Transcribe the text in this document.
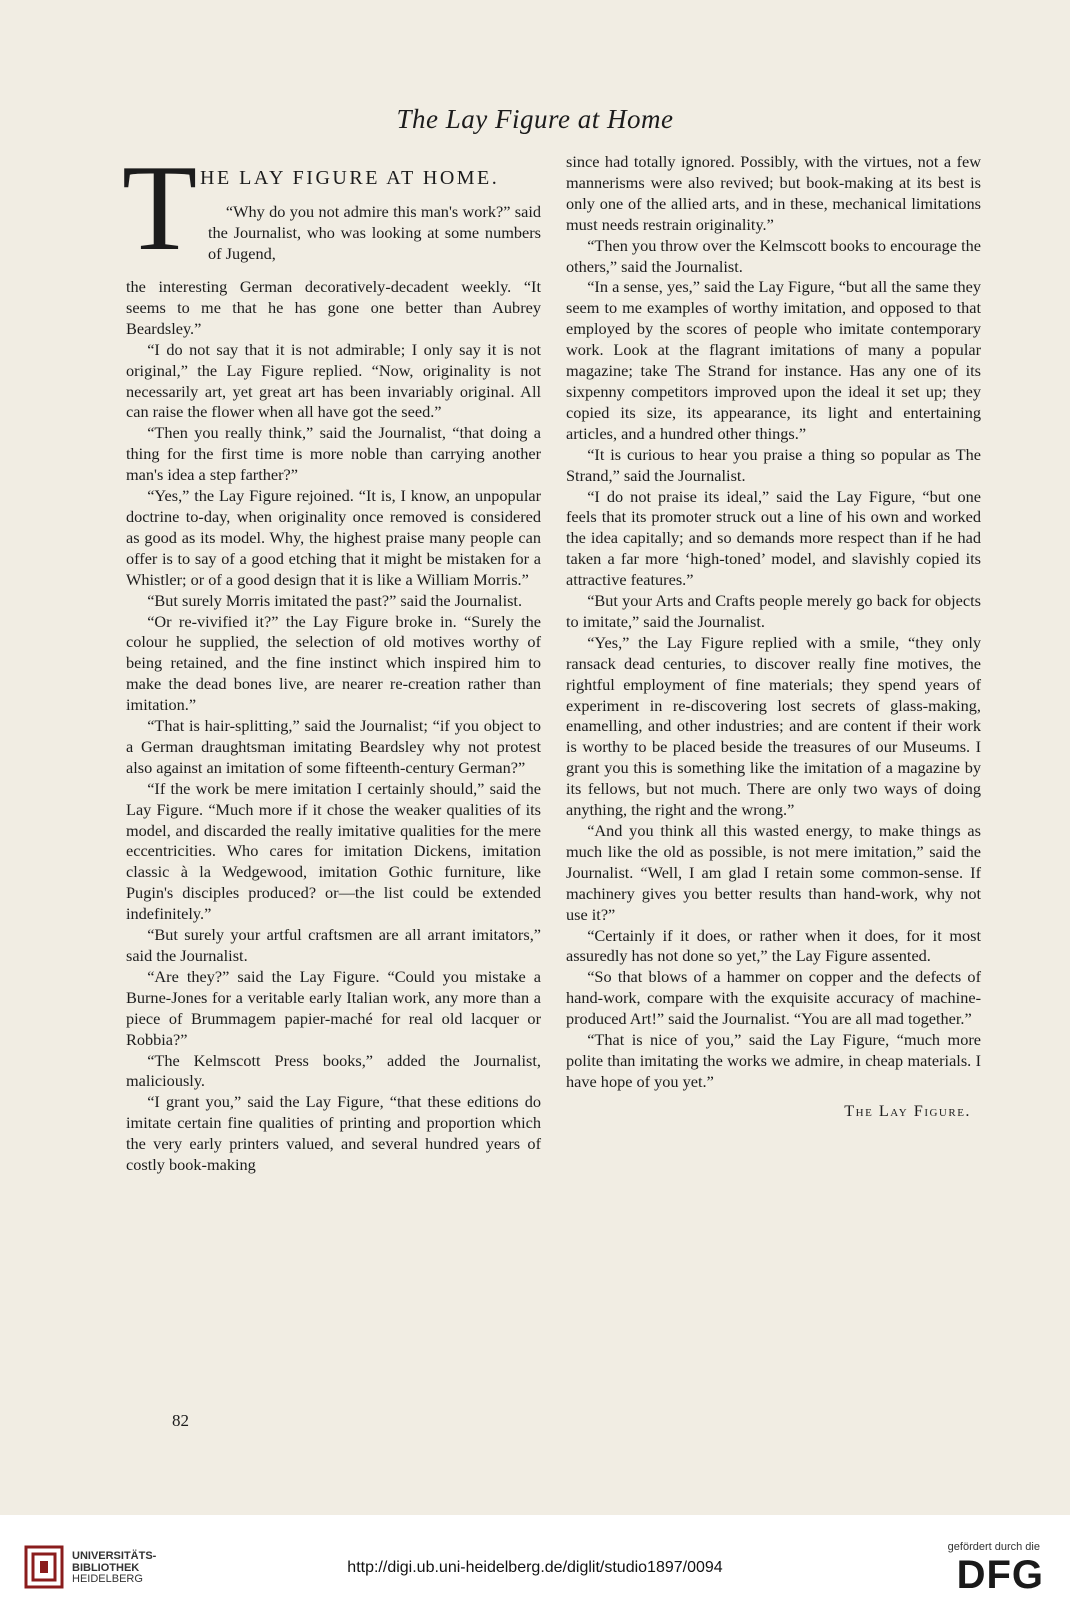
The Lay Figure at Home
T HE LAY FIGURE AT HOME.
“Why do you not admire this man's work?” said the Journalist, who was looking at some numbers of Jugend,

the interesting German decoratively-decadent weekly. “It seems to me that he has gone one better than Aubrey Beardsley.”

“I do not say that it is not admirable; I only say it is not original,” the Lay Figure replied. “Now, originality is not necessarily art, yet great art has been invariably original. All can raise the flower when all have got the seed.”

“Then you really think,” said the Journalist, “that doing a thing for the first time is more noble than carrying another man's idea a step farther?”

“Yes,” the Lay Figure rejoined. “It is, I know, an unpopular doctrine to-day, when originality once removed is considered as good as its model. Why, the highest praise many people can offer is to say of a good etching that it might be mistaken for a Whistler; or of a good design that it is like a William Morris.”

“But surely Morris imitated the past?” said the Journalist.

“Or re-vivified it?” the Lay Figure broke in. “Surely the colour he supplied, the selection of old motives worthy of being retained, and the fine instinct which inspired him to make the dead bones live, are nearer re-creation rather than imitation.”

“That is hair-splitting,” said the Journalist; “if you object to a German draughtsman imitating Beardsley why not protest also against an imitation of some fifteenth-century German?”

“If the work be mere imitation I certainly should,” said the Lay Figure. “Much more if it chose the weaker qualities of its model, and discarded the really imitative qualities for the mere eccentricities. Who cares for imitation Dickens, imitation classic à la Wedgewood, imitation Gothic furniture, like Pugin's disciples produced? or—the list could be extended indefinitely.”

“But surely your artful craftsmen are all arrant imitators,” said the Journalist.

“Are they?” said the Lay Figure. “Could you mistake a Burne-Jones for a veritable early Italian work, any more than a piece of Brummagem papier-maché for real old lacquer or Robbia?”

“The Kelmscott Press books,” added the Journalist, maliciously.

“I grant you,” said the Lay Figure, “that these editions do imitate certain fine qualities of printing and proportion which the very early printers valued, and several hundred years of costly book-making

since had totally ignored. Possibly, with the virtues, not a few mannerisms were also revived; but book-making at its best is only one of the allied arts, and in these, mechanical limitations must needs restrain originality.”

“Then you throw over the Kelmscott books to encourage the others,” said the Journalist.

“In a sense, yes,” said the Lay Figure, “but all the same they seem to me examples of worthy imitation, and opposed to that employed by the scores of people who imitate contemporary work. Look at the flagrant imitations of many a popular magazine; take The Strand for instance. Has any one of its sixpenny competitors improved upon the ideal it set up; they copied its size, its appearance, its light and entertaining articles, and a hundred other things.”

“It is curious to hear you praise a thing so popular as The Strand,” said the Journalist.

“I do not praise its ideal,” said the Lay Figure, “but one feels that its promoter struck out a line of his own and worked the idea capitally; and so demands more respect than if he had taken a far more ‘high-toned’ model, and slavishly copied its attractive features.”

“But your Arts and Crafts people merely go back for objects to imitate,” said the Journalist.

“Yes,” the Lay Figure replied with a smile, “they only ransack dead centuries, to discover really fine motives, the rightful employment of fine materials; they spend years of experiment in re-discovering lost secrets of glass-making, enamelling, and other industries; and are content if their work is worthy to be placed beside the treasures of our Museums. I grant you this is something like the imitation of a magazine by its fellows, but not much. There are only two ways of doing anything, the right and the wrong.”

“And you think all this wasted energy, to make things as much like the old as possible, is not mere imitation,” said the Journalist. “Well, I am glad I retain some common-sense. If machinery gives you better results than hand-work, why not use it?”

“Certainly if it does, or rather when it does, for it most assuredly has not done so yet,” the Lay Figure assented.

“So that blows of a hammer on copper and the defects of hand-work, compare with the exquisite accuracy of machine-produced Art!” said the Journalist. “You are all mad together.”

“That is nice of you,” said the Lay Figure, “much more polite than imitating the works we admire, in cheap materials. I have hope of you yet.”

The Lay Figure.
82
UNIVERSITÄTS-
BIBLIOTHEK
HEIDELBERG
http://digi.ub.uni-heidelberg.de/diglit/studio1897/0094
gefördert durch die
DFG
